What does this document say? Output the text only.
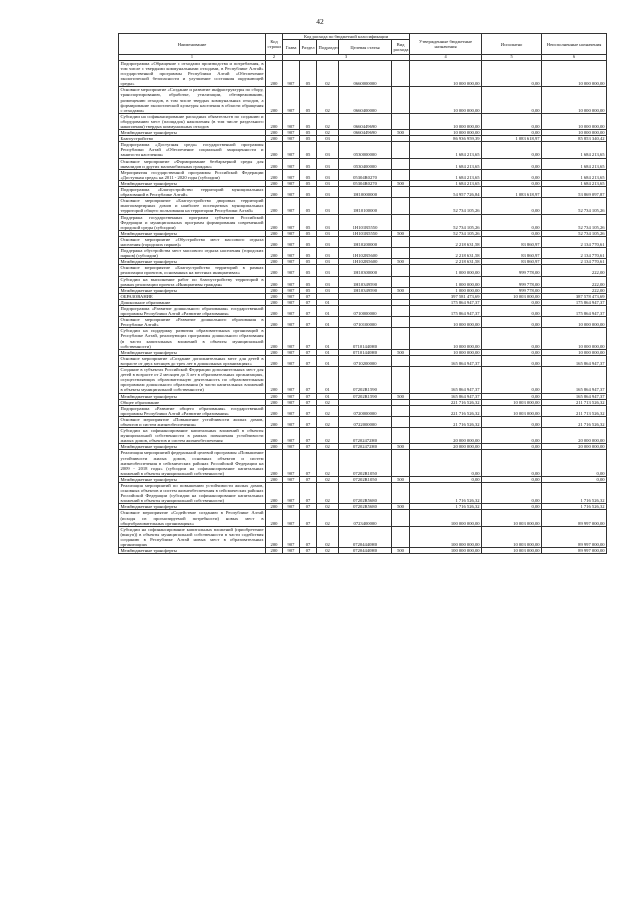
42
Наименование	Код строки	Код расхода по бюджетной классификации					Утвержденные бюджетные назначения	Исполнено	Неисполненные назначения
		Глава	Раздел	Подраздел	Целевая статья	Вид расхода			
1	2	3					4	5	6
Подпрограмма «Обращение с отходами производства и потребления, в том числе с твердыми коммунальными отходами, в Республике Алтай» государственной программы Республики Алтай «Обеспечение экологической безопасности и улучшение состояния окружающей среды»	200	907	05	02	0660000000		10 000 000,00	0,00	10 000 000,00
Основное мероприятие «Создание и развитие инфраструктуры по сбору, транспортированию, обработке, утилизации, обезвреживанию, размещению отходов, в том числе твердых коммунальных отходов, а формирование экологической культуры населения в области обращения с отходами»	200	907	05	02	0660400000		10 000 000,00	0,00	10 000 000,00
Субсидии на софинансирование расходных обязательств по созданию и оборудованию мест (площадок) накопления (в том числе раздельного накопления) твердых коммунальных отходов	200	907	05	02	0660449690		10 000 000,00	0,00	10 000 000,00
Межбюджетные трансферты	200	907	05	02	0660449690	500	10 000 000,00	0,00	10 000 000,00
Благоустройство	200	907	05	03			86 936 959,39	1 083 618,97	85 853 340,42
Подпрограмма «Доступная среда» государственной программы Республики Алтай «Обеспечение социальной защищенности и занятости населения»	200	907	05	03	0530000000		1 684 213,65	0,00	1 684 213,65
Основное мероприятие «Формирование безбарьерной среды для инвалидов и других маломобильных граждан»	200	907	05	03	0530400000		1 684 213,65	0,00	1 684 213,65
Мероприятия государственной программы Российской Федерации «Доступная среда» на 2011 - 2020 годы (субсидии)	200	907	05	03	05304R0270		1 684 213,65	0,00	1 684 213,65
Межбюджетные трансферты	200	907	05	03	05304R0270	500	1 684 213,65	0,00	1 684 213,65
Подпрограмма «Благоустройство территорий муниципальных образований в Республике Алтай»	200	907	05	03	1H10000000		54 957 726,84	1 083 618,97	53 869 097,87
Основное мероприятие «Благоустройство дворовых территорий многоквартирных домов и наиболее посещаемых муниципальных территорий общего пользования на территории Республики Алтай»	200	907	05	03	1H10100000		52 734 105,26	0,00	52 734 105,26
Поддержка государственных программ субъектов Российской Федерации и муниципальных программ формирования современной городской среды (субсидии)	200	907	05	03	1H101R5550		52 734 105,26	0,00	52 734 105,26
Межбюджетные трансферты	200	907	05	03	1H101R5550	500	52 734 105,26	0,00	52 734 105,26
Основное мероприятие «Обустройство мест массового отдыха населения (городских парков)»	200	907	05	03	1H10200000		2 218 631,58	83 860,97	2 134 770,61
Поддержка обустройства мест массового отдыха населения (городских парков) (субсидии)	200	907	05	03	1H102R5600		2 218 631,58	83 860,97	2 134 770,61
Межбюджетные трансферты	200	907	05	03	1H102R5600	500	2 218 631,58	83 860,97	2 134 770,61
Основное мероприятие «Благоустройство территорий в рамках реализации проектов, основанных на местных инициативах»	200	907	05	03	1H10300000		1 000 000,00	999 778,00	222,00
Субсидии на выполнение работ по благоустройству территорий в рамках реализации проекта «Инициативы граждан»	200	907	05	03	1H10349590		1 000 000,00	999 778,00	222,00
Межбюджетные трансферты	200	907	05	03	1H10349590	500	1 000 000,00	999 778,00	222,00
ОБРАЗОВАНИЕ	200	907	07				397 581 473,69	10 003 000,00	387 578 473,69
Дошкольное образование	200	907	07	01			175 864 947,37	0,00	175 864 947,37
Подпрограмма «Развитие дошкольного образования» государственной программы Республики Алтай «Развитие образования»	200	907	07	01	0710000000		175 864 947,37	0,00	175 864 947,37
Основное мероприятие «Развитие дошкольного образования в Республике Алтай»	200	907	07	01	0710100000		10 000 000,00	0,00	10 000 000,00
Субсидии на поддержку развития образовательных организаций в Республике Алтай, реализующих программы дошкольного образования (в части капитальных вложений в объекты муниципальной собственности)	200	907	07	01	07101440Н0		10 000 000,00	0,00	10 000 000,00
Межбюджетные трансферты	200	907	07	01	07101440Н0	500	10 000 000,00	0,00	10 000 000,00
Основное мероприятие «Создание дополнительных мест для детей в возрасте от двух месяцев до трех лет в дошкольных организациях»	200	907	07	01	0710200000		165 864 947,37	0,00	165 864 947,37
Создание в субъектах Российской Федерации дополнительных мест для детей в возрасте от 2 месяцев до 3 лет в образовательных организациях, осуществляющих образовательную деятельность по образовательным программам дошкольного образования (в части капитальных вложений в объекты муниципальной собственности)	200	907	07	01	07202R1590		165 864 947,37	0,00	165 864 947,37
Межбюджетные трансферты	200	907	07	01	07202R1590	500	165 864 947,37	0,00	165 864 947,37
Общее образование	200	907	07	02			221 716 526,32	10 003 000,00	211 713 526,32
Подпрограмма «Развитие общего образования» государственной программы Республики Алтай «Развитие образования»	200	907	07	02	0720000000		221 716 526,32	10 003 000,00	211 713 526,32
Основное мероприятие «Повышение устойчивости жилых домов, объектов и систем жизнеобеспечения»	200	907	07	02	0722000000		21 716 526,32	0,00	21 716 526,32
Субсидии на софинансирование капитальных вложений в объекты муниципальной собственности в рамках повышения устойчивости жилых домов, объектов и систем жизнеобеспечения	200	907	07	02	07202472Н0		20 000 000,00	0,00	20 000 000,00
Межбюджетные трансферты	200	907	07	02	07202472Н0	500	20 000 000,00	0,00	20 000 000,00
Реализация мероприятий федеральной целевой программы «Повышение устойчивости жилых домов, основных объектов и систем жизнеобеспечения в сейсмических районах Российской Федерации на 2009 - 2018 годы» (субсидии на софинансирование капитальных вложений в объекты муниципальной собственности)	200	907	07	02	07202R1050		0,00	0,00	0,00
Межбюджетные трансферты	200	907	07	02	07202R1050	500	0,00	0,00	0,00
Реализация мероприятий по повышению устойчивости жилых домов, основных объектов и систем жизнеобеспечения в сейсмических районах Российской Федерации (субсидии на софинансирование капитальных вложений в объекты муниципальной собственности)	200	907	07	02	07202R5680		1 716 526,32	0,00	1 716 526,32
Межбюджетные трансферты	200	907	07	02	07202R5680	500	1 716 526,32	0,00	1 716 526,32
Основное мероприятие «Содействие созданию в Республике Алтай (исходя из прогнозируемой потребности) новых мест в общеобразовательных организациях»	200	907	07	02	0723400000		100 000 000,00	10 003 000,00	89 997 000,00
Субсидии на софинансирование капитальных вложений (приобретение (выкуп)) в объекты муниципальной собственности в части содействия созданию в Республике Алтай новых мест в образовательных организациях	200	907	07	02	07204440Н0		100 000 000,00	10 003 000,00	89 997 000,00
Межбюджетные трансферты	200	907	07	02	07204440Н0	500	100 000 000,00	10 003 000,00	89 997 000,00
